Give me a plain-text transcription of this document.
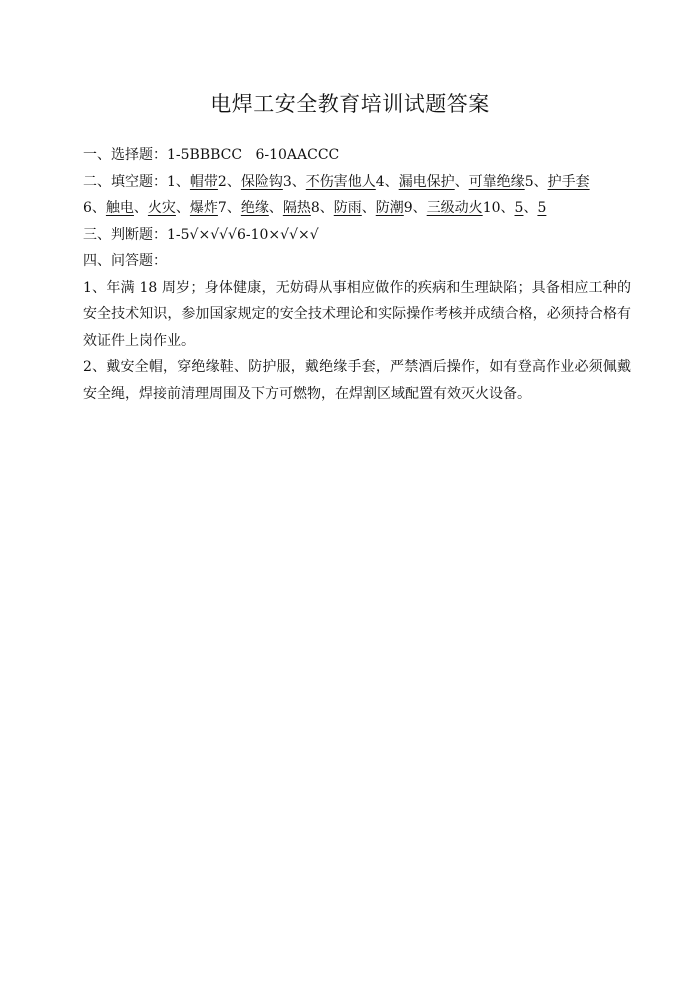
电焊工安全教育培训试题答案
一、选择题：1-5BBBCC   6-10AACCC
二、填空题：1、帽带2、保险钩3、不伤害他人4、漏电保护、可靠绝缘5、护手套
6、触电、火灾、爆炸7、绝缘、隔热8、防雨、防潮9、三级动火10、5、5
三、判断题：1-5√×√√√6-10×√√×√
四、问答题：
1、年满 18 周岁；身体健康，无妨碍从事相应做作的疾病和生理缺陷；具备相应工种的安全技术知识，参加国家规定的安全技术理论和实际操作考核并成绩合格，必须持合格有效证件上岗作业。
2、戴安全帽，穿绝缘鞋、防护服，戴绝缘手套，严禁酒后操作，如有登高作业必须佩戴安全绳，焊接前清理周围及下方可燃物，在焊割区域配置有效灭火设备。
